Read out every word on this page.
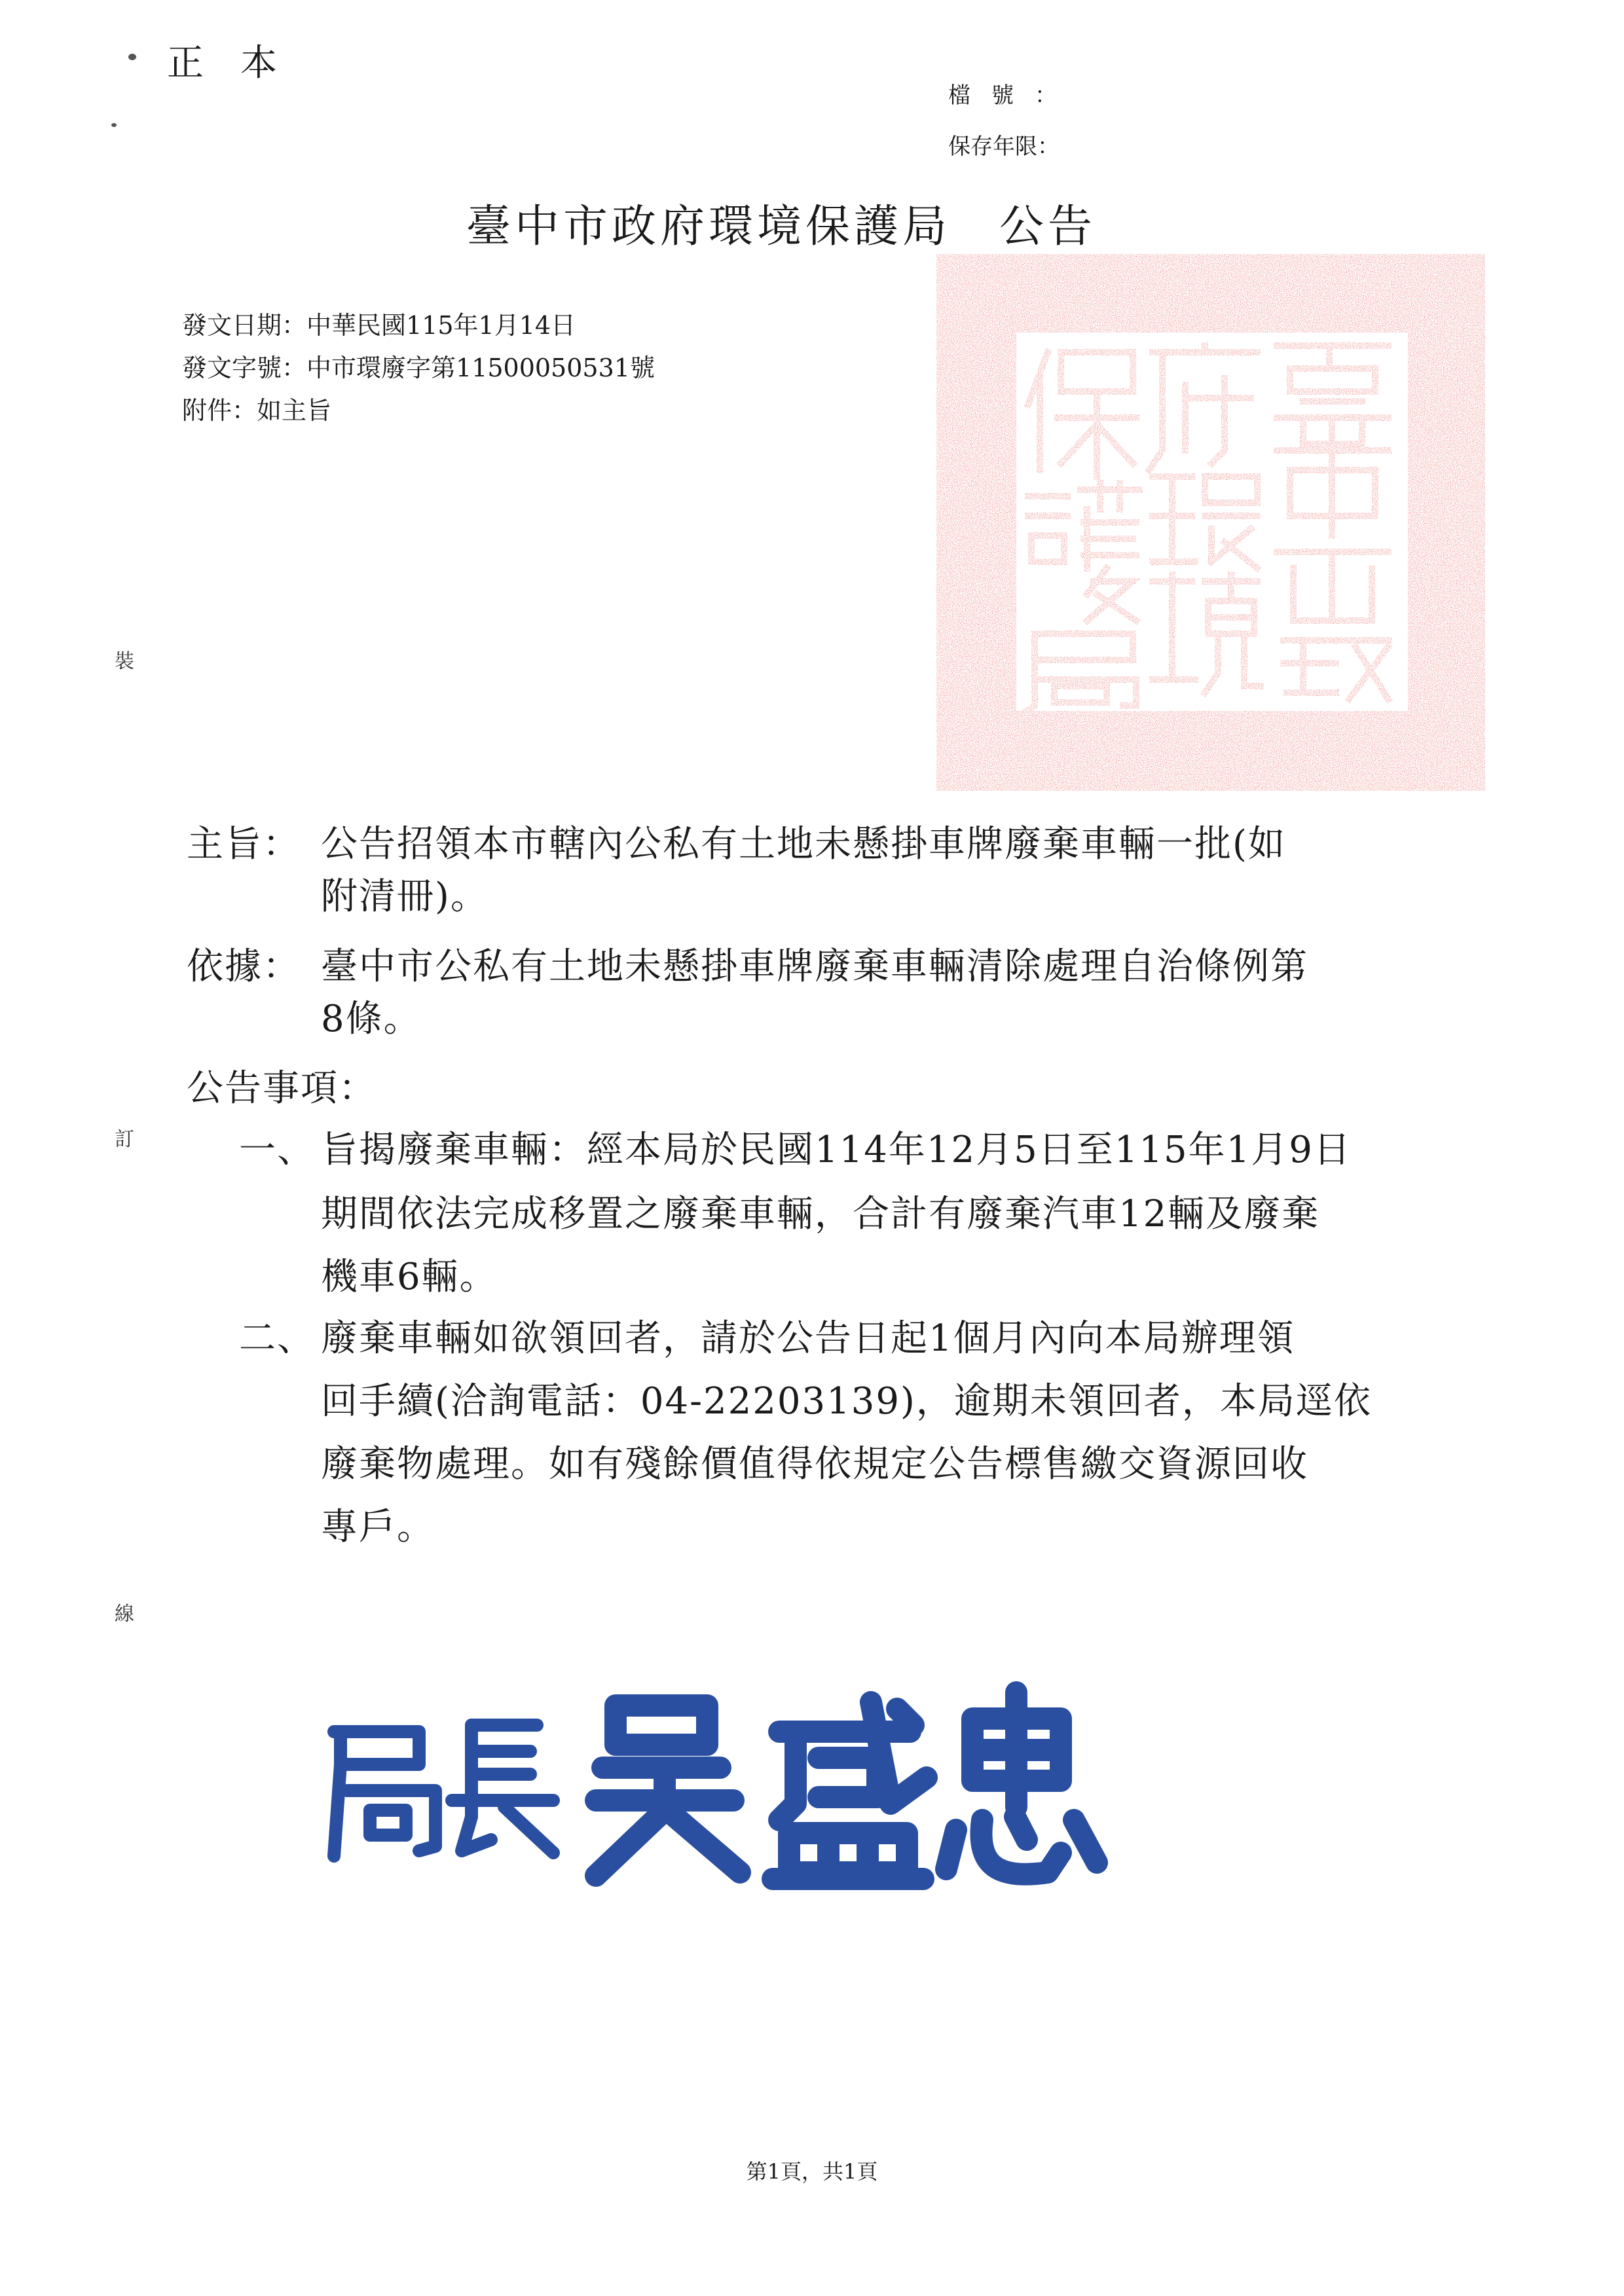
正本
檔號：
保存年限：
臺中市政府環境保護局　公告
發文日期：中華民國115年1月14日
發文字號：中市環廢字第11500050531號
附件：如主旨
裝
訂
線
主旨： 公告招領本市轄內公私有土地未懸掛車牌廢棄車輛一批(如
附清冊)。
依據： 臺中市公私有土地未懸掛車牌廢棄車輛清除處理自治條例第
8條。
公告事項：
一、 旨揭廢棄車輛：經本局於民國114年12月5日至115年1月9日
期間依法完成移置之廢棄車輛，合計有廢棄汽車12輛及廢棄
機車6輛。
二、 廢棄車輛如欲領回者，請於公告日起1個月內向本局辦理領
回手續(洽詢電話：04-22203139)，逾期未領回者，本局逕依
廢棄物處理。如有殘餘價值得依規定公告標售繳交資源回收
專戶。
第1頁，共1頁
